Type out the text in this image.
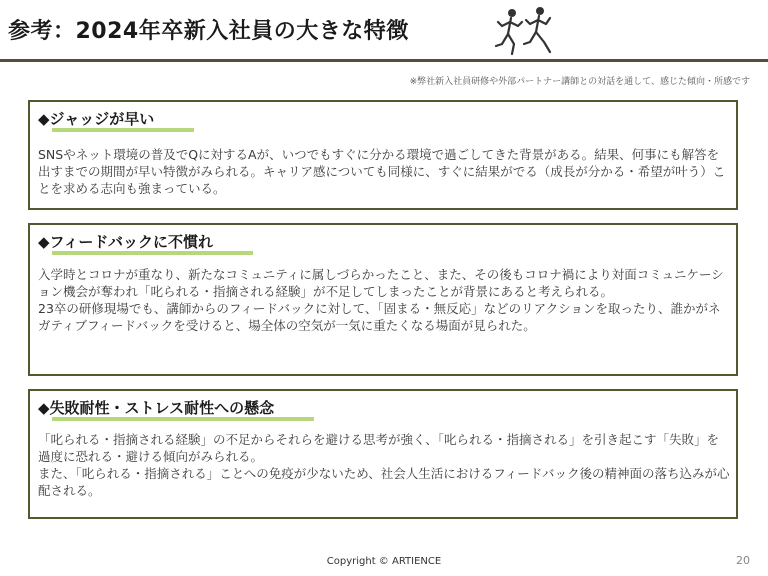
参考：2024年卒新入社員の大きな特徴
※弊社新入社員研修や外部パートナー講師との対話を通して、感じた傾向・所感です
◆ジャッジが早い

SNSやネット環境の普及でQに対するAが、いつでもすぐに分かる環境で過ごしてきた背景がある。結果、何事にも解答を出すまでの期間が早い特徴がみられる。キャリア感についても同様に、すぐに結果がでる（成長が分かる・希望が叶う）ことを求める志向も強まっている。

◆フィードバックに不慣れ

入学時とコロナが重なり、新たなコミュニティに属しづらかったこと、また、その後もコロナ禍により対面コミュニケーション機会が奪われ「叱られる・指摘される経験」が不足してしまったことが背景にあると考えられる。

23卒の研修現場でも、講師からのフィードバックに対して、「固まる・無反応」などのリアクションを取ったり、誰かがネガティブフィードバックを受けると、場全体の空気が一気に重たくなる場面が見られた。

◆失敗耐性・ストレス耐性への懸念

「叱られる・指摘される経験」の不足からそれらを避ける思考が強く、「叱られる・指摘される」を引き起こす「失敗」を過度に恐れる・避ける傾向がみられる。

また、「叱られる・指摘される」ことへの免疫が少ないため、社会人生活におけるフィードバック後の精神面の落ち込みが心配される。

Copyright © ARTIENCE	20
